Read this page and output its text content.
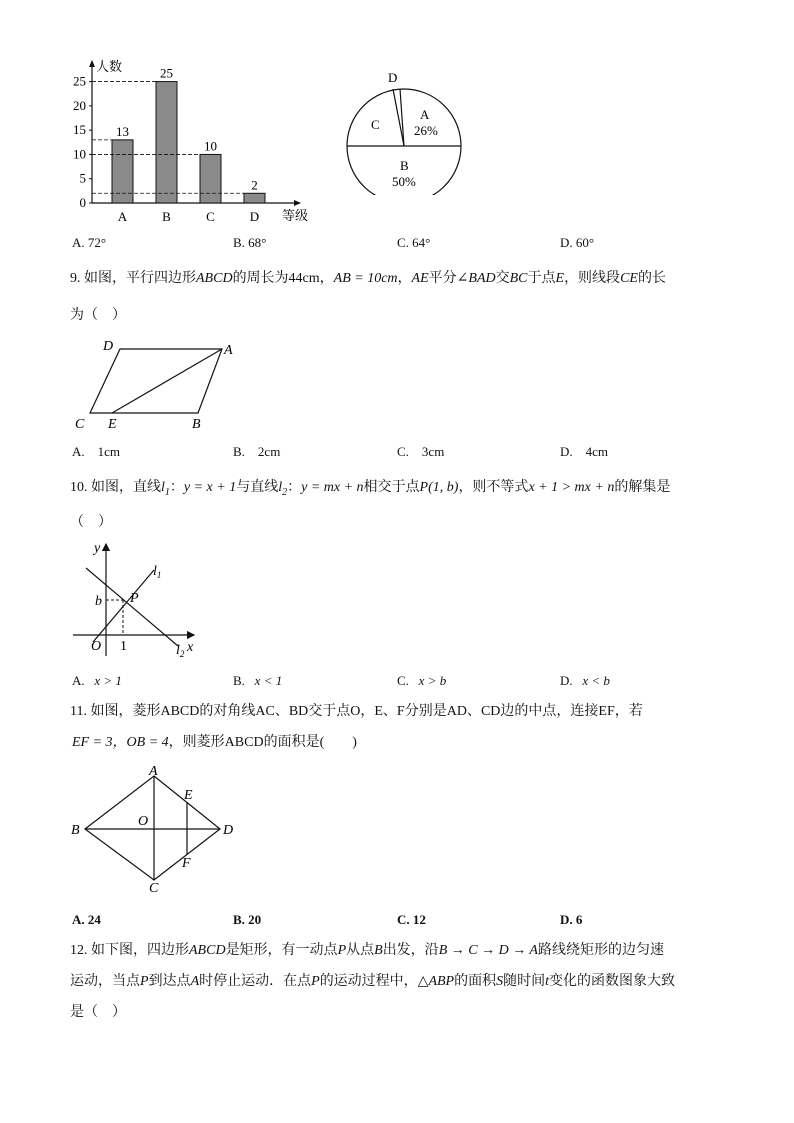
0
5
10
15
20
25
13
A
25
B
10
C
2
D
人数
等级
A
26%
B
50%
C
D
A. 72°	B. 68°	C. 64°	D. 60°
9. 如图，平行四边形ABCD的周长为44cm，AB = 10cm，AE平分∠BAD交BC于点E，则线段CE的长
为（　）
D	A
C E	B
A.　1cm	B.　2cm	C.　3cm	D.　4cm
10. 如图，直线$l_1$：y = x + 1与直线$l_2$：y = mx + n相交于点P(1, b)，则不等式x + 1 > mx + n的解集是
（　）
y
x
b P
O 1
$l_1$
$l_2$
A. x > 1	B. x < 1	C. x > b	D. x < b
11. 如图，菱形ABCD的对角线AC、BD交于点O，E、F分别是AD、CD边的中点，连接EF，若
EF = 3，OB = 4，则菱形ABCD的面积是(　　)
A
B
C
D
E
F
O
A. 24	B. 20	C. 12	D. 6
12. 如下图，四边形ABCD是矩形，有一动点P从点B出发，沿B → C → D → A路线绕矩形的边匀速
运动，当点P到达点A时停止运动．在点P的运动过程中，△ABP的面积S随时间t变化的函数图象大致
是（　）
